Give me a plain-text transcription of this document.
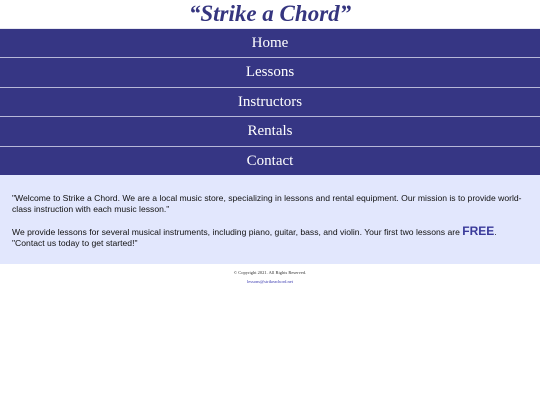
“Strike a Chord”
Home
Lessons
Instructors
Rentals
Contact

"Welcome to Strike a Chord. We are a local music store, specializing in lessons and rental equipment. Our mission is to provide world-class instruction with each music lesson."

We provide lessons for several musical instruments, including piano, guitar, bass, and violin. Your first two lessons are FREE. "Contact us today to get started!"

© Copyright 2021. All Rights Reserved.
lessons@strikeachord.net
